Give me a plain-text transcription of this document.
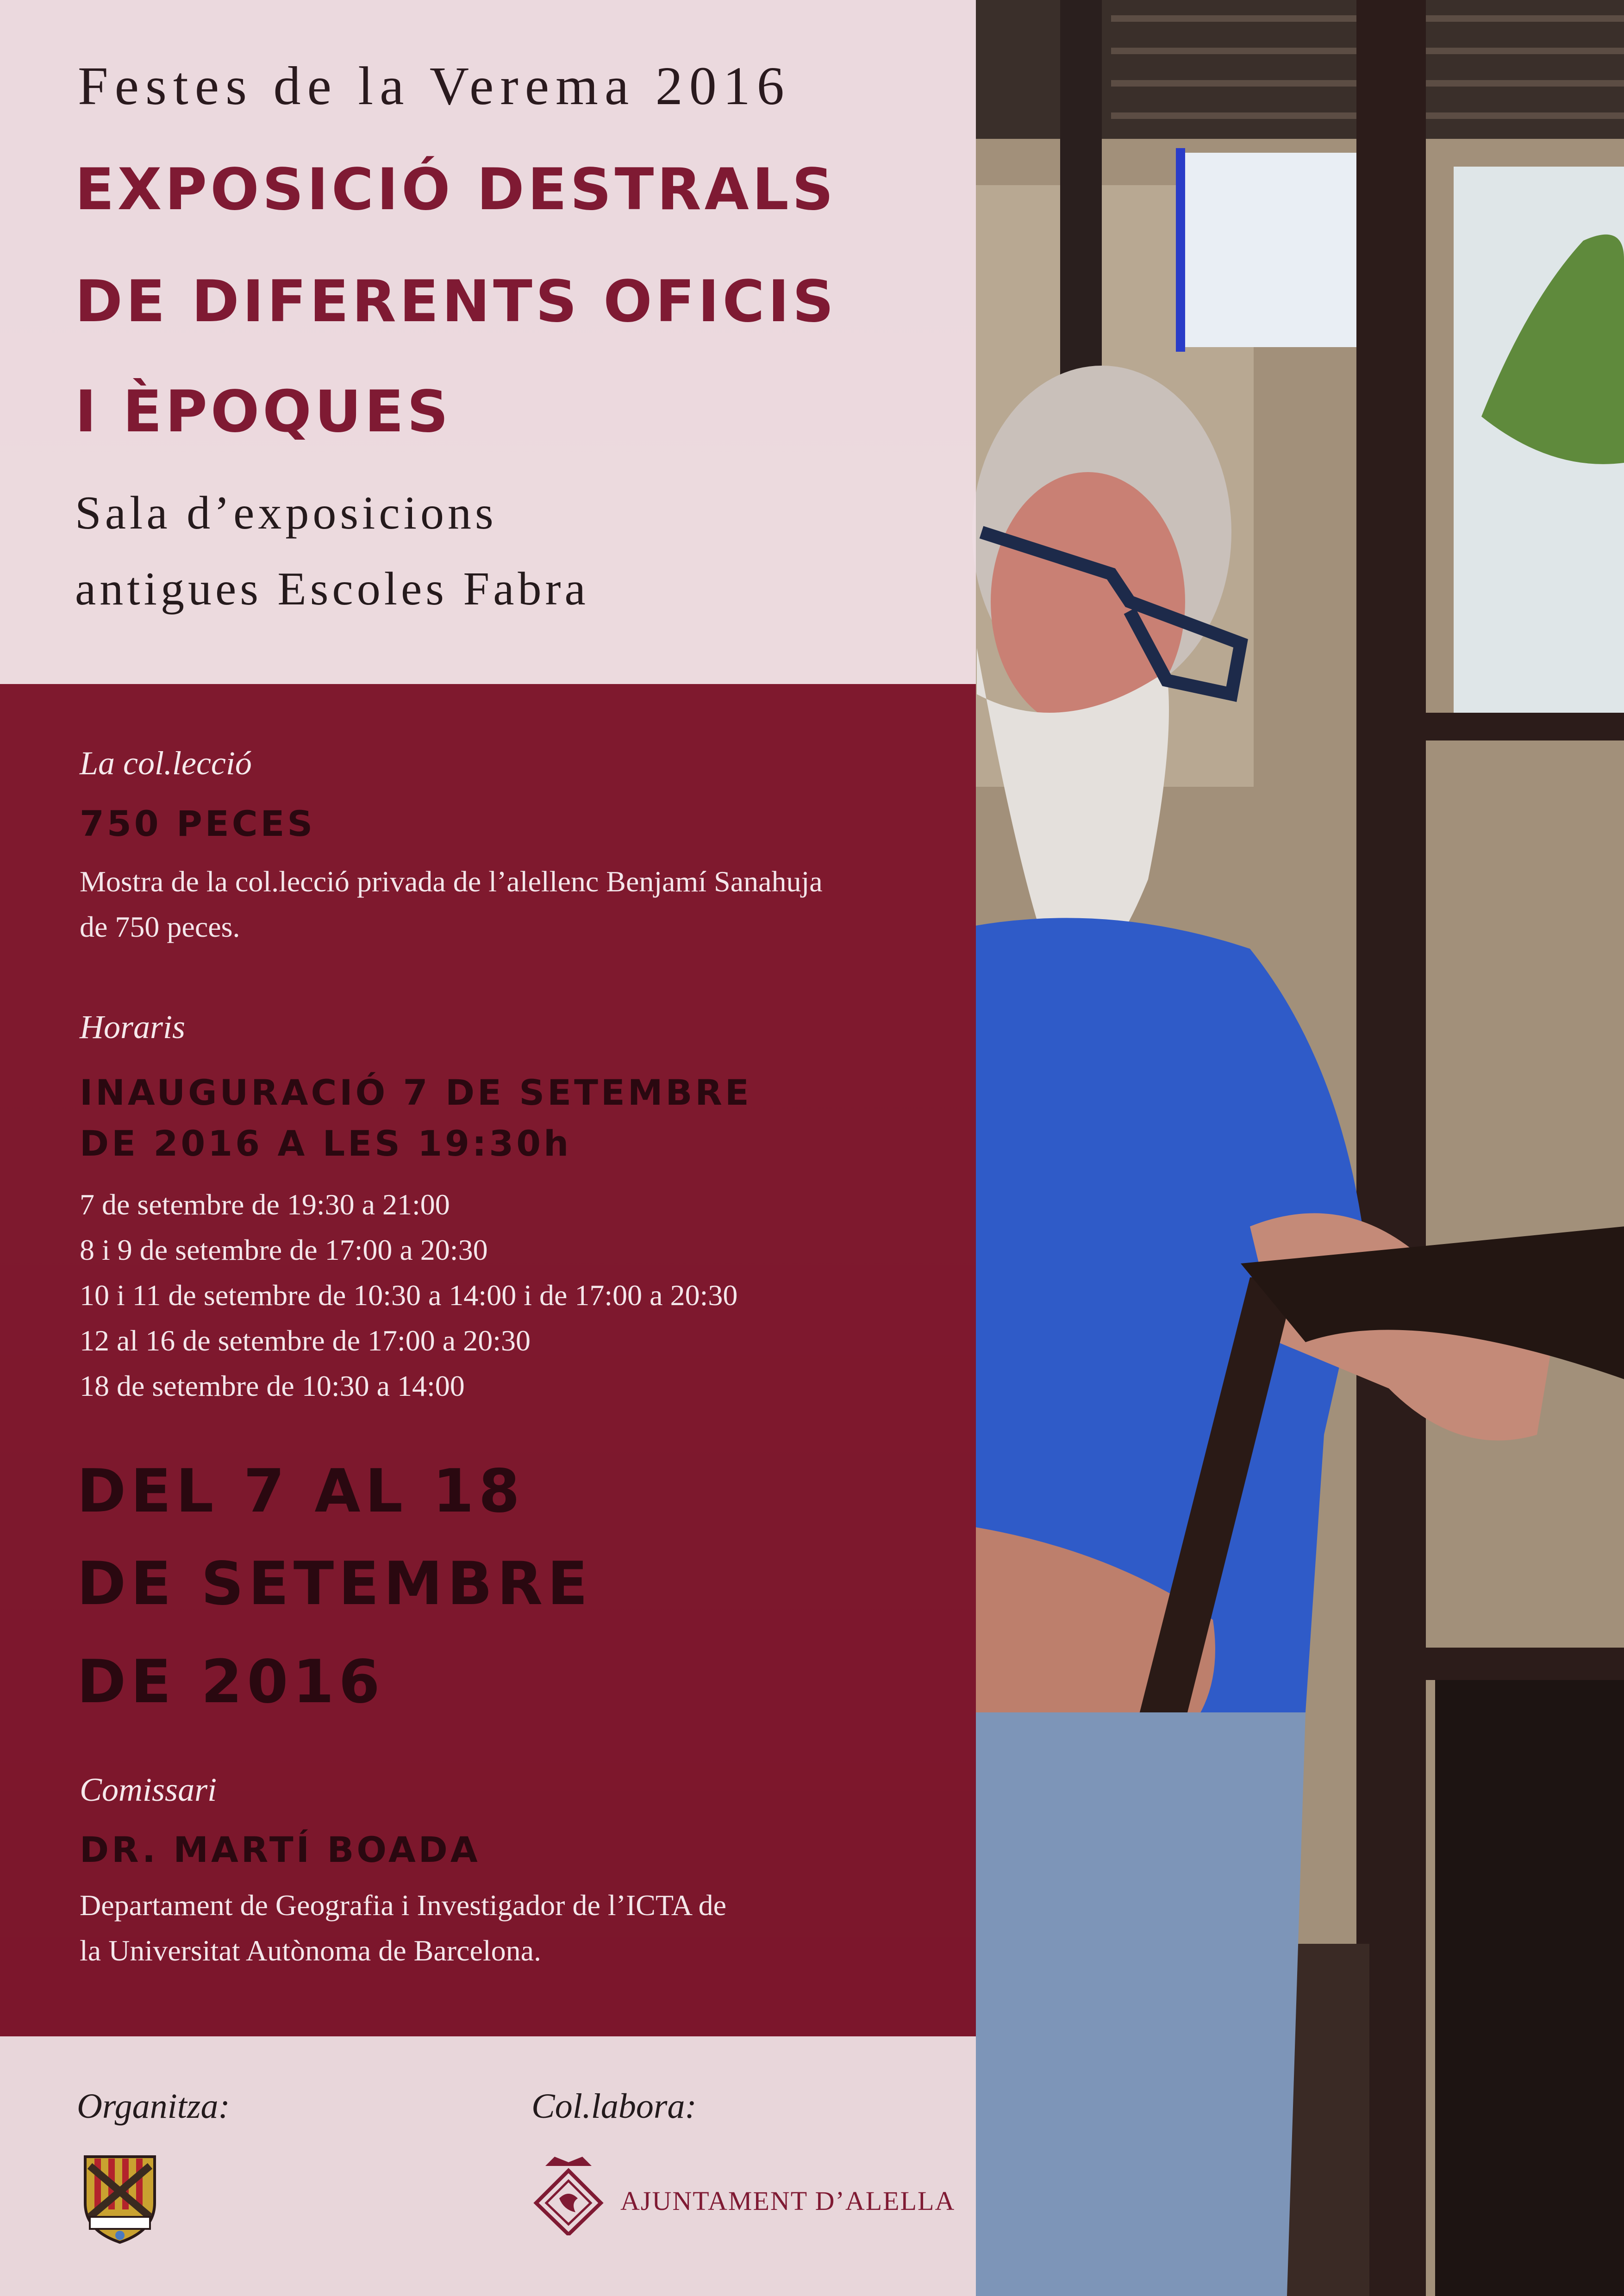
Festes de la Verema 2016
EXPOSICIÓ DESTRALS
DE DIFERENTS OFICIS
I ÈPOQUES
Sala d’exposicions
antigues Escoles Fabra
La col.lecció
750 PECES
Mostra de la col.lecció privada de l’alellenc Benjamí Sanahuja
de 750 peces.
Horaris
INAUGURACIÓ 7 DE SETEMBRE
DE 2016 A LES 19:30h
7 de setembre de 19:30 a 21:00
8 i 9 de setembre de 17:00 a 20:30
10 i 11 de setembre de 10:30 a 14:00 i de 17:00 a 20:30
12 al 16 de setembre de 17:00 a 20:30
18 de setembre de 10:30 a 14:00
DEL 7 AL 18
DE SETEMBRE
DE 2016
Comissari
DR. MARTÍ BOADA
Departament de Geografia i Investigador de l’ICTA de
la Universitat Autònoma de Barcelona.
Organitza:	Col.labora:
AJUNTAMENT D’ALELLA
